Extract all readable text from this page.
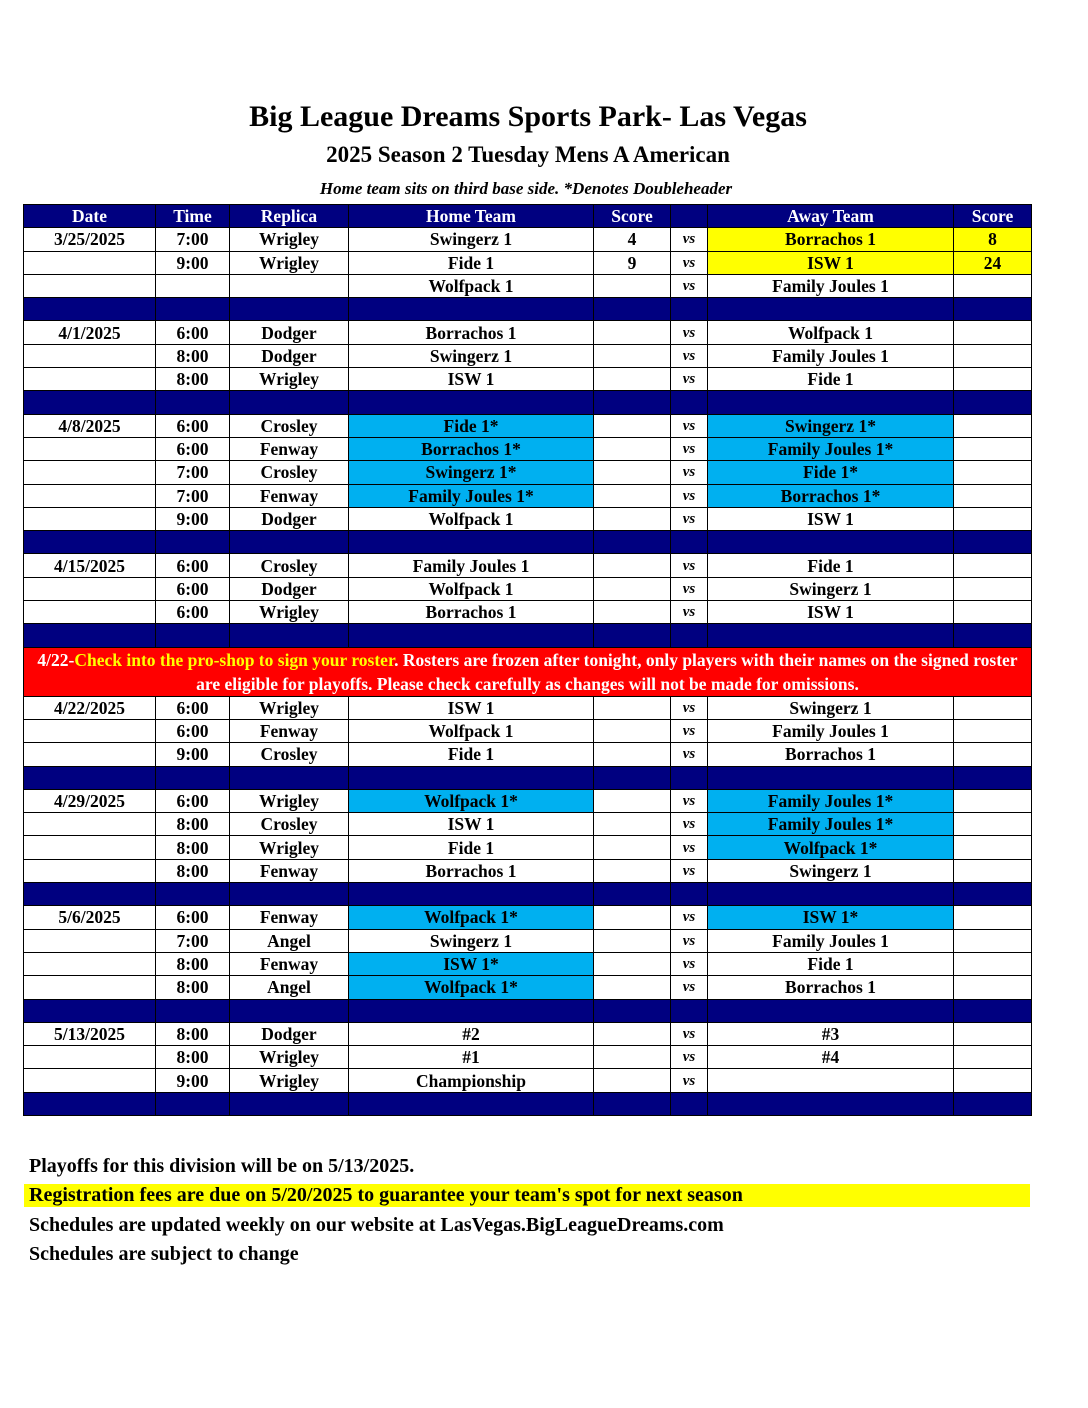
Big League Dreams Sports Park- Las Vegas
2025 Season 2 Tuesday Mens A American
Home team sits on third base side. *Denotes Doubleheader
Date	Time	Replica	Home Team	Score		Away Team	Score
3/25/2025	7:00	Wrigley	Swingerz 1	4	vs	Borrachos 1	8
	9:00	Wrigley	Fide 1	9	vs	ISW 1	24
			Wolfpack 1		vs	Family Joules 1	

4/1/2025	6:00	Dodger	Borrachos 1		vs	Wolfpack 1	
	8:00	Dodger	Swingerz 1		vs	Family Joules 1	
	8:00	Wrigley	ISW 1		vs	Fide 1	

4/8/2025	6:00	Crosley	Fide 1*		vs	Swingerz 1*	
	6:00	Fenway	Borrachos 1*		vs	Family Joules 1*	
	7:00	Crosley	Swingerz 1*		vs	Fide 1*	
	7:00	Fenway	Family Joules 1*		vs	Borrachos 1*	
	9:00	Dodger	Wolfpack 1		vs	ISW 1	

4/15/2025	6:00	Crosley	Family Joules 1		vs	Fide 1	
	6:00	Dodger	Wolfpack 1		vs	Swingerz 1	
	6:00	Wrigley	Borrachos 1		vs	ISW 1	

4/22-Check into the pro-shop to sign your roster. Rosters are frozen after tonight, only players with their names on the signed roster are eligible for playoffs. Please check carefully as changes will not be made for omissions.							
4/22/2025	6:00	Wrigley	ISW 1		vs	Swingerz 1	
	6:00	Fenway	Wolfpack 1		vs	Family Joules 1	
	9:00	Crosley	Fide 1		vs	Borrachos 1	

4/29/2025	6:00	Wrigley	Wolfpack 1*		vs	Family Joules 1*	
	8:00	Crosley	ISW 1		vs	Family Joules 1*	
	8:00	Wrigley	Fide 1		vs	Wolfpack 1*	
	8:00	Fenway	Borrachos 1		vs	Swingerz 1	

5/6/2025	6:00	Fenway	Wolfpack 1*		vs	ISW 1*	
	7:00	Angel	Swingerz 1		vs	Family Joules 1	
	8:00	Fenway	ISW 1*		vs	Fide 1	
	8:00	Angel	Wolfpack 1*		vs	Borrachos 1	

5/13/2025	8:00	Dodger	#2		vs	#3	
	8:00	Wrigley	#1		vs	#4	
	9:00	Wrigley	Championship		vs		

Playoffs for this division will be on 5/13/2025.
Registration fees are due on 5/20/2025 to guarantee your team's spot for next season
Schedules are updated weekly on our website at LasVegas.BigLeagueDreams.com
Schedules are subject to change
